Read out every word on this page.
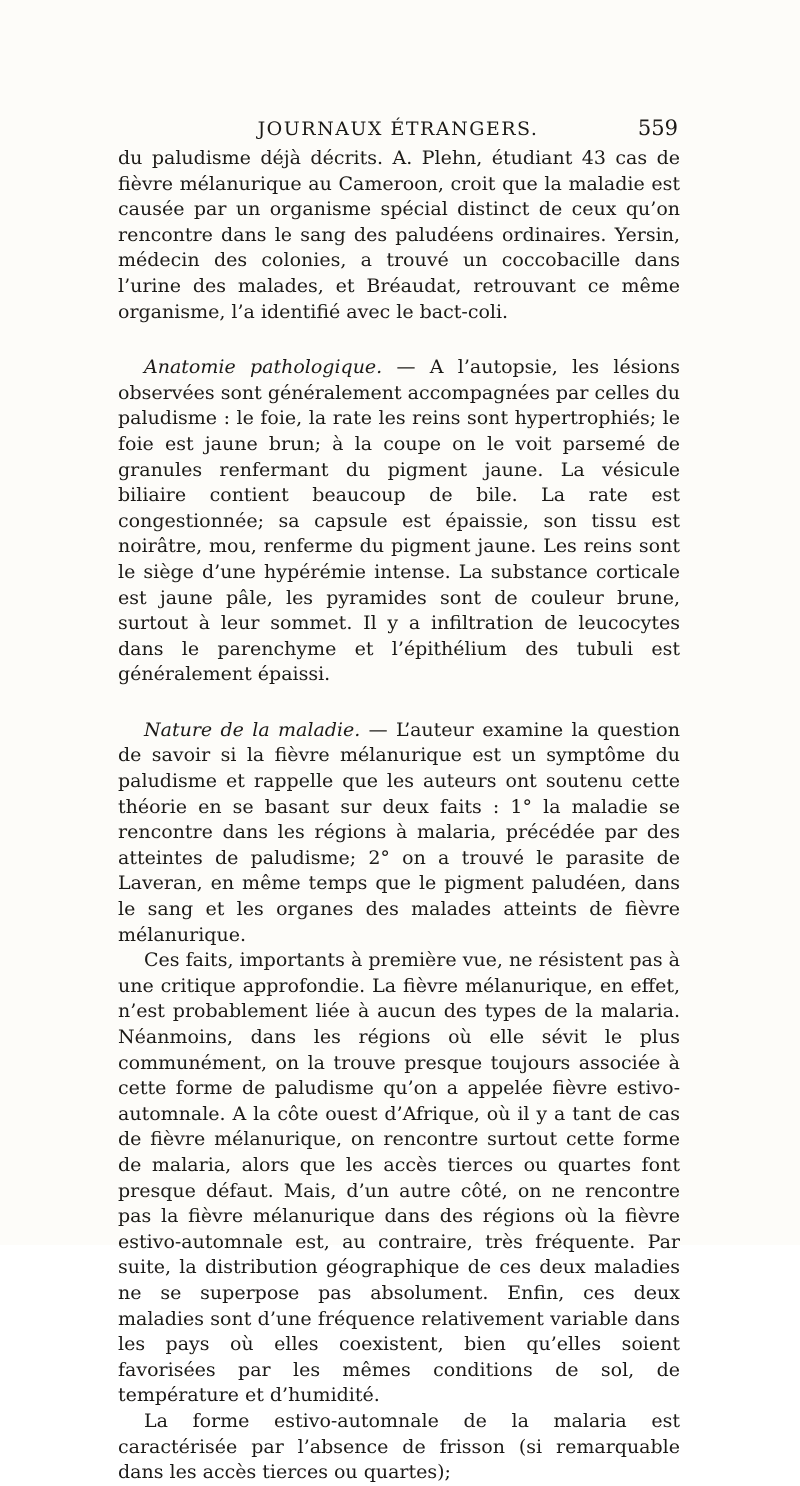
JOURNAUX ÉTRANGERS.	559

du paludisme déjà décrits. A. Plehn, étudiant 43 cas de fièvre mélanurique au Cameroon, croit que la maladie est causée par un organisme spécial distinct de ceux qu’on rencontre dans le sang des paludéens ordinaires. Yersin, médecin des colonies, a trouvé un coccobacille dans l’urine des malades, et Bréaudat, retrouvant ce même organisme, l’a identifié avec le bact-coli.

Anatomie pathologique. — A l’autopsie, les lésions observées sont généralement accompagnées par celles du paludisme : le foie, la rate les reins sont hypertrophiés; le foie est jaune brun; à la coupe on le voit parsemé de granules renfermant du pigment jaune. La vésicule biliaire contient beaucoup de bile. La rate est congestionnée; sa capsule est épaissie, son tissu est noirâtre, mou, renferme du pigment jaune. Les reins sont le siège d’une hypérémie intense. La substance corticale est jaune pâle, les pyramides sont de couleur brune, surtout à leur sommet. Il y a infiltration de leucocytes dans le parenchyme et l’épithélium des tubuli est généralement épaissi.

Nature de la maladie. — L’auteur examine la question de savoir si la fièvre mélanurique est un symptôme du paludisme et rappelle que les auteurs ont soutenu cette théorie en se basant sur deux faits : 1° la maladie se rencontre dans les régions à malaria, précédée par des atteintes de paludisme; 2° on a trouvé le parasite de Laveran, en même temps que le pigment paludéen, dans le sang et les organes des malades atteints de fièvre mélanurique.

Ces faits, importants à première vue, ne résistent pas à une critique approfondie. La fièvre mélanurique, en effet, n’est probablement liée à aucun des types de la malaria. Néanmoins, dans les régions où elle sévit le plus communément, on la trouve presque toujours associée à cette forme de paludisme qu’on a appelée fièvre estivo-automnale. A la côte ouest d’Afrique, où il y a tant de cas de fièvre mélanurique, on rencontre surtout cette forme de malaria, alors que les accès tierces ou quartes font presque défaut. Mais, d’un autre côté, on ne rencontre pas la fièvre mélanurique dans des régions où la fièvre estivo-automnale est, au contraire, très fréquente. Par suite, la distribution géographique de ces deux maladies ne se superpose pas absolument. Enfin, ces deux maladies sont d’une fréquence relativement variable dans les pays où elles coexistent, bien qu’elles soient favorisées par les mêmes conditions de sol, de température et d’humidité.

La forme estivo-automnale de la malaria est caractérisée par l’absence de frisson (si remarquable dans les accès tierces ou quartes);
